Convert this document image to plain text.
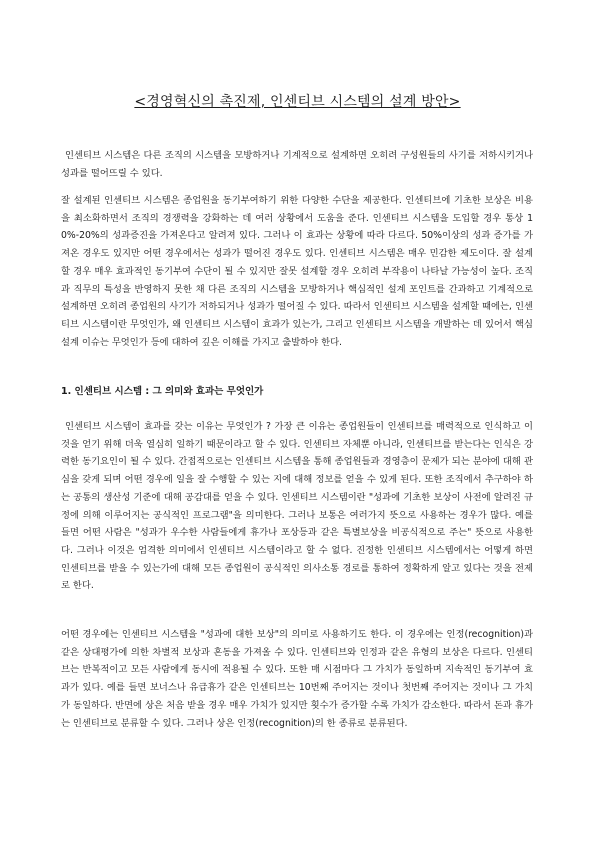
<경영혁신의 촉진제, 인센티브 시스템의 설계 방안>

인센티브 시스템은 다른 조직의 시스템을 모방하거나 기계적으로 설계하면 오히려 구성원들의 사기를 저하시키거나 성과를 떨어뜨릴 수 있다.

잘 설계된 인센티브 시스템은 종업원을 동기부여하기 위한 다양한 수단을 제공한다. 인센티브에 기초한 보상은 비용을 최소화하면서 조직의 경쟁력을 강화하는 데 여러 상황에서 도움을 준다. 인센티브 시스템을 도입할 경우 통상 10%-20%의 성과증진을 가져온다고 알려져 있다. 그러나 이 효과는 상황에 따라 다르다. 50%이상의 성과 증가를 가져온 경우도 있지만 어떤 경우에서는 성과가 떨어진 경우도 있다. 인센티브 시스템은 매우 민감한 제도이다. 잘 설계할 경우 매우 효과적인 동기부여 수단이 될 수 있지만 잘못 설계할 경우 오히려 부작용이 나타날 가능성이 높다. 조직과 직무의 특성을 반영하지 못한 채 다른 조직의 시스템을 모방하거나 핵심적인 설계 포인트를 간과하고 기계적으로 설계하면 오히려 종업원의 사기가 저하되거나 성과가 떨어질 수 있다. 따라서 인센티브 시스템을 설계할 때에는, 인센티브 시스템이란 무엇인가, 왜 인센티브 시스템이 효과가 있는가, 그리고 인센티브 시스템을 개발하는 데 있어서 핵심 설계 이슈는 무엇인가 등에 대하여 깊은 이해를 가지고 출발하야 한다.

1. 인센티브 시스템 : 그 의미와 효과는 무엇인가

인센티브 시스템이 효과를 갖는 이유는 무엇인가 ? 가장 큰 이유는 종업원들이 인센티브를 매력적으로 인식하고 이것을 얻기 위해 더욱 열심히 일하기 때문이라고 할 수 있다. 인센티브 자체뿐 아니라, 인센티브를 받는다는 인식은 강력한 동기요인이 될 수 있다. 간접적으로는 인센티브 시스템을 통해 종업원들과 경영층이 문제가 되는 분야에 대해 관심을 갖게 되며 어떤 경우에 일을 잘 수행할 수 있는 지에 대해 정보를 얻을 수 있게 된다. 또한 조직에서 추구하야 하는 공통의 생산성 기준에 대해 공감대를 얻을 수 있다. 인센티브 시스템이란 "성과에 기초한 보상이 사전에 알려진 규정에 의해 이루어지는 공식적인 프로그램"을 의미한다. 그러나 보통은 여러가지 뜻으로 사용하는 경우가 많다. 예를 들면 어떤 사람은 "성과가 우수한 사람들에게 휴가나 포상등과 같은 특별보상을 비공식적으로 주는" 뜻으로 사용한다. 그러나 이것은 엄격한 의미에서 인센티브 시스템이라고 할 수 없다. 진정한 인센티브 시스템에서는 어떻게 하면 인센티브를 받을 수 있는가에 대해 모든 종업원이 공식적인 의사소통 경로를 통하여 정확하게 알고 있다는 것을 전제로 한다.

어떤 경우에는 인센티브 시스템을 "성과에 대한 보상"의 의미로 사용하기도 한다. 이 경우에는 인정(recognition)과 같은 상대평가에 의한 차별적 보상과 혼동을 가져올 수 있다. 인센티브와 인정과 같은 유형의 보상은 다르다. 인센티브는 반복적이고 모든 사람에게 동시에 적용될 수 있다. 또한 매 시점마다 그 가치가 동일하며 지속적인 동기부여 효과가 있다. 예를 들면 보너스나 유급휴가 같은 인센티브는 10번째 주어지는 것이나 첫번째 주어지는 것이나 그 가치가 동일하다. 반면에 상은 처음 받을 경우 매우 가치가 있지만 횟수가 증가할 수록 가치가 감소한다. 따라서 돈과 휴가는 인센티브로 분류할 수 있다. 그러나 상은 인정(recognition)의 한 종류로 분류된다.
